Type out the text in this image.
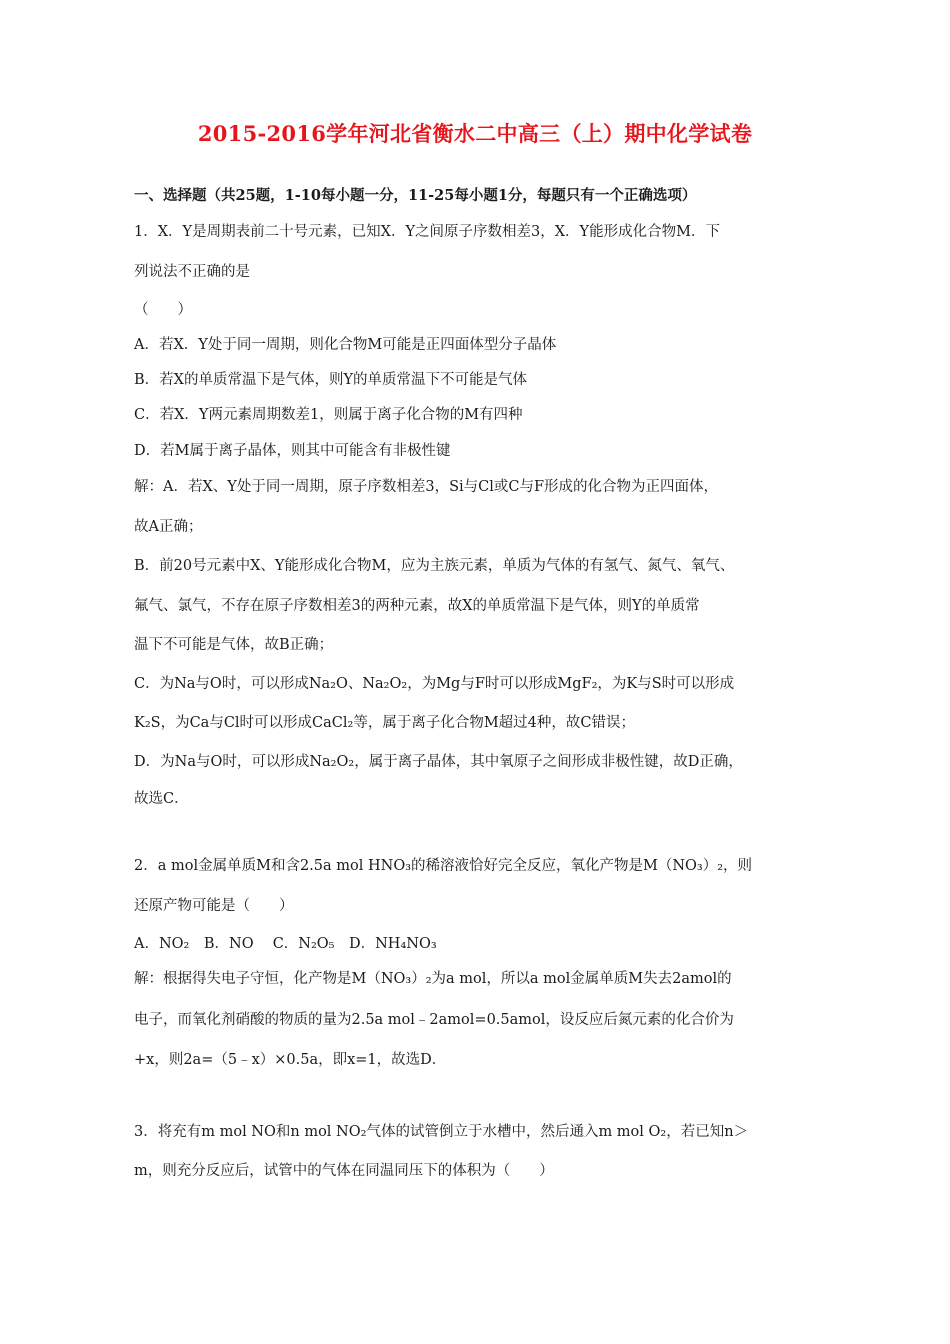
2015-2016学年河北省衡水二中高三（上）期中化学试卷
一、选择题（共25题，1-10每小题一分，11-25每小题1分，每题只有一个正确选项）
1．X．Y是周期表前二十号元素，已知X．Y之间原子序数相差3，X．Y能形成化合物M．下
列说法不正确的是
（　　）
A．若X．Y处于同一周期，则化合物M可能是正四面体型分子晶体
B．若X的单质常温下是气体，则Y的单质常温下不可能是气体
C．若X．Y两元素周期数差1，则属于离子化合物的M有四种
D．若M属于离子晶体，则其中可能含有非极性键
解：A．若X、Y处于同一周期，原子序数相差3，Si与Cl或C与F形成的化合物为正四面体，
故A正确；
B．前20号元素中X、Y能形成化合物M，应为主族元素，单质为气体的有氢气、氮气、氧气、
氟气、氯气，不存在原子序数相差3的两种元素，故X的单质常温下是气体，则Y的单质常
温下不可能是气体，故B正确；
C．为Na与O时，可以形成Na₂O、Na₂O₂，为Mg与F时可以形成MgF₂，为K与S时可以形成
K₂S，为Ca与Cl时可以形成CaCl₂等，属于离子化合物M超过4种，故C错误；
D．为Na与O时，可以形成Na₂O₂，属于离子晶体，其中氧原子之间形成非极性键，故D正确，
故选C．
2．a mol金属单质M和含2.5a mol HNO₃的稀溶液恰好完全反应，氧化产物是M（NO₃）₂，则
还原产物可能是（　　）
A．NO₂　B．NO　 C．N₂O₅　D．NH₄NO₃
解：根据得失电子守恒，化产物是M（NO₃）₂为a mol，所以a mol金属单质M失去2amol的
电子，而氧化剂硝酸的物质的量为2.5a mol﹣2amol=0.5amol，设反应后氮元素的化合价为
+x，则2a=（5﹣x）×0.5a，即x=1，故选D．
3．将充有m mol NO和n mol NO₂气体的试管倒立于水槽中，然后通入m mol O₂，若已知n＞
m，则充分反应后，试管中的气体在同温同压下的体积为（　　）
